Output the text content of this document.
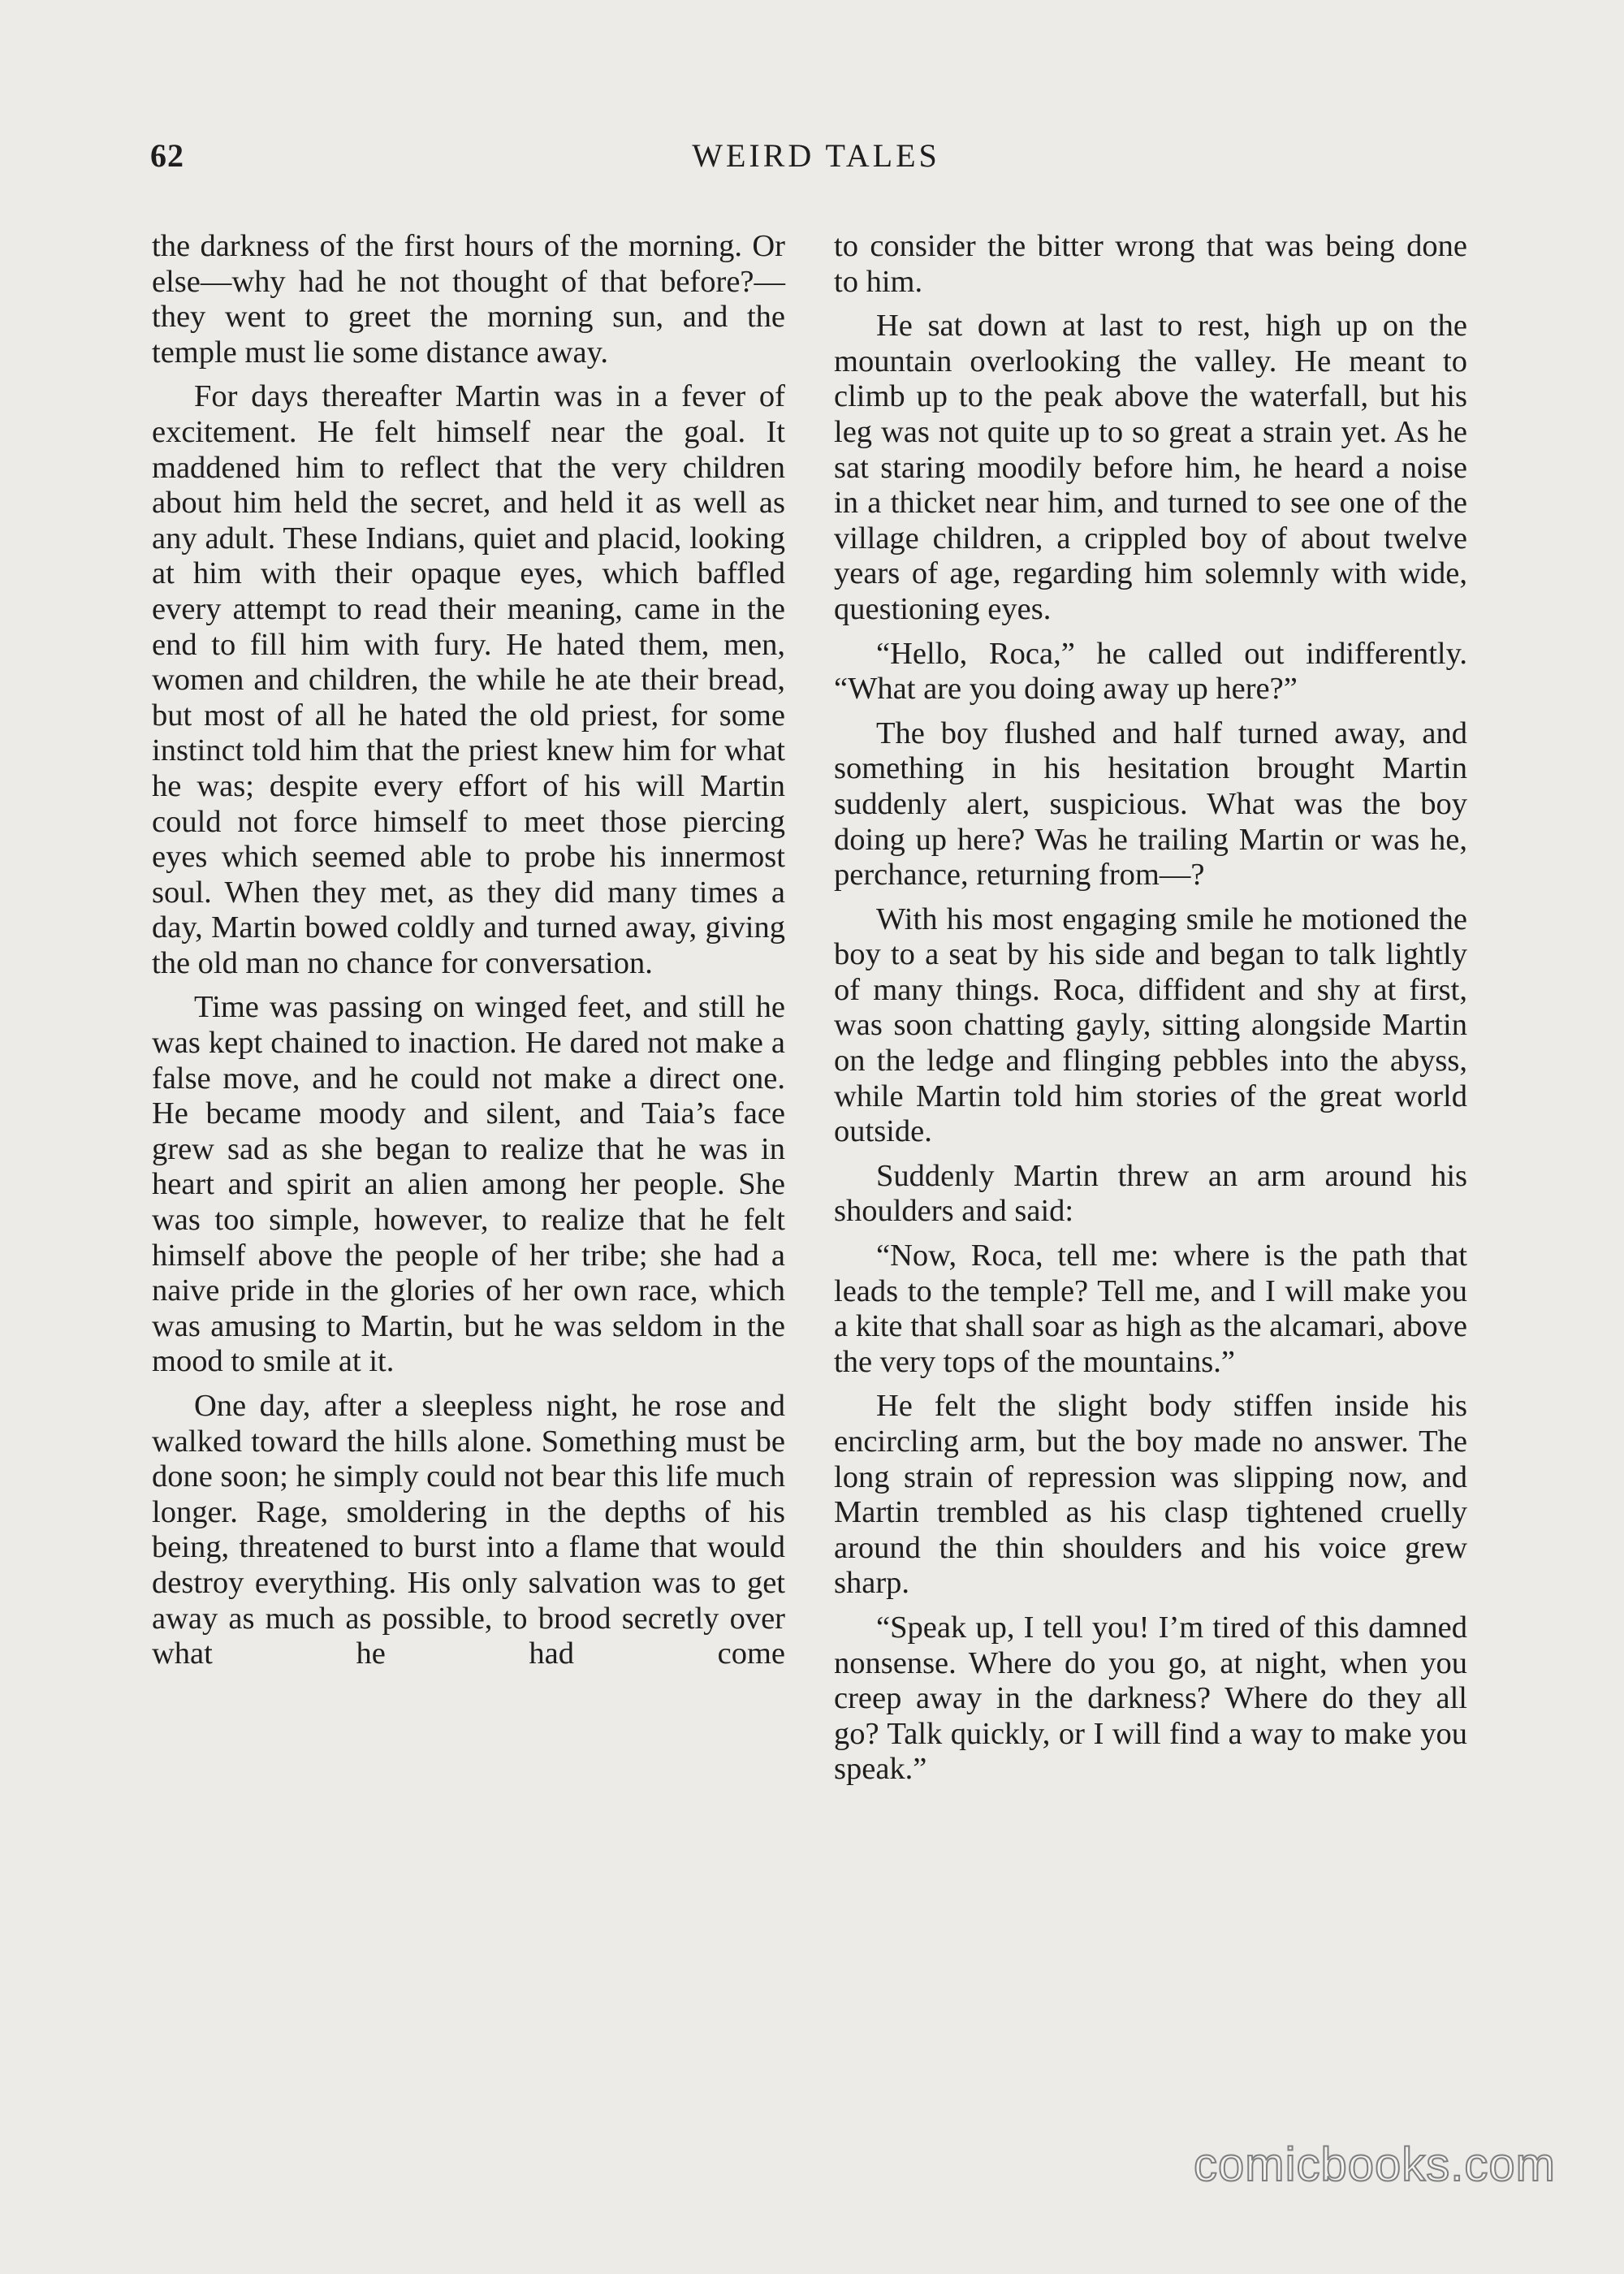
62	WEIRD TALES

the darkness of the first hours of the morning. Or else—why had he not thought of that before?—they went to greet the morning sun, and the temple must lie some distance away.

For days thereafter Martin was in a fever of excitement. He felt himself near the goal. It maddened him to reflect that the very children about him held the secret, and held it as well as any adult. These Indians, quiet and placid, looking at him with their opaque eyes, which baffled every attempt to read their meaning, came in the end to fill him with fury. He hated them, men, women and children, the while he ate their bread, but most of all he hated the old priest, for some instinct told him that the priest knew him for what he was; despite every effort of his will Martin could not force himself to meet those piercing eyes which seemed able to probe his innermost soul. When they met, as they did many times a day, Martin bowed coldly and turned away, giving the old man no chance for conversation.

Time was passing on winged feet, and still he was kept chained to inaction. He dared not make a false move, and he could not make a direct one. He became moody and silent, and Taia’s face grew sad as she began to realize that he was in heart and spirit an alien among her people. She was too simple, however, to realize that he felt himself above the people of her tribe; she had a naive pride in the glories of her own race, which was amusing to Martin, but he was seldom in the mood to smile at it.

One day, after a sleepless night, he rose and walked toward the hills alone. Something must be done soon; he simply could not bear this life much longer. Rage, smoldering in the depths of his being, threatened to burst into a flame that would destroy everything. His only salvation was to get away as much as possible, to brood secretly over what he had come

to consider the bitter wrong that was being done to him.

He sat down at last to rest, high up on the mountain overlooking the valley. He meant to climb up to the peak above the waterfall, but his leg was not quite up to so great a strain yet. As he sat staring moodily before him, he heard a noise in a thicket near him, and turned to see one of the village children, a crippled boy of about twelve years of age, regarding him solemnly with wide, questioning eyes.

“Hello, Roca,” he called out indifferently. “What are you doing away up here?”

The boy flushed and half turned away, and something in his hesitation brought Martin suddenly alert, suspicious. What was the boy doing up here? Was he trailing Martin or was he, perchance, returning from—?

With his most engaging smile he motioned the boy to a seat by his side and began to talk lightly of many things. Roca, diffident and shy at first, was soon chatting gayly, sitting alongside Martin on the ledge and flinging pebbles into the abyss, while Martin told him stories of the great world outside.

Suddenly Martin threw an arm around his shoulders and said:

“Now, Roca, tell me: where is the path that leads to the temple? Tell me, and I will make you a kite that shall soar as high as the alcamari, above the very tops of the mountains.”

He felt the slight body stiffen inside his encircling arm, but the boy made no answer. The long strain of repression was slipping now, and Martin trembled as his clasp tightened cruelly around the thin shoulders and his voice grew sharp.

“Speak up, I tell you! I’m tired of this damned nonsense. Where do you go, at night, when you creep away in the darkness? Where do they all go? Talk quickly, or I will find a way to make you speak.”

comicbooks.com
